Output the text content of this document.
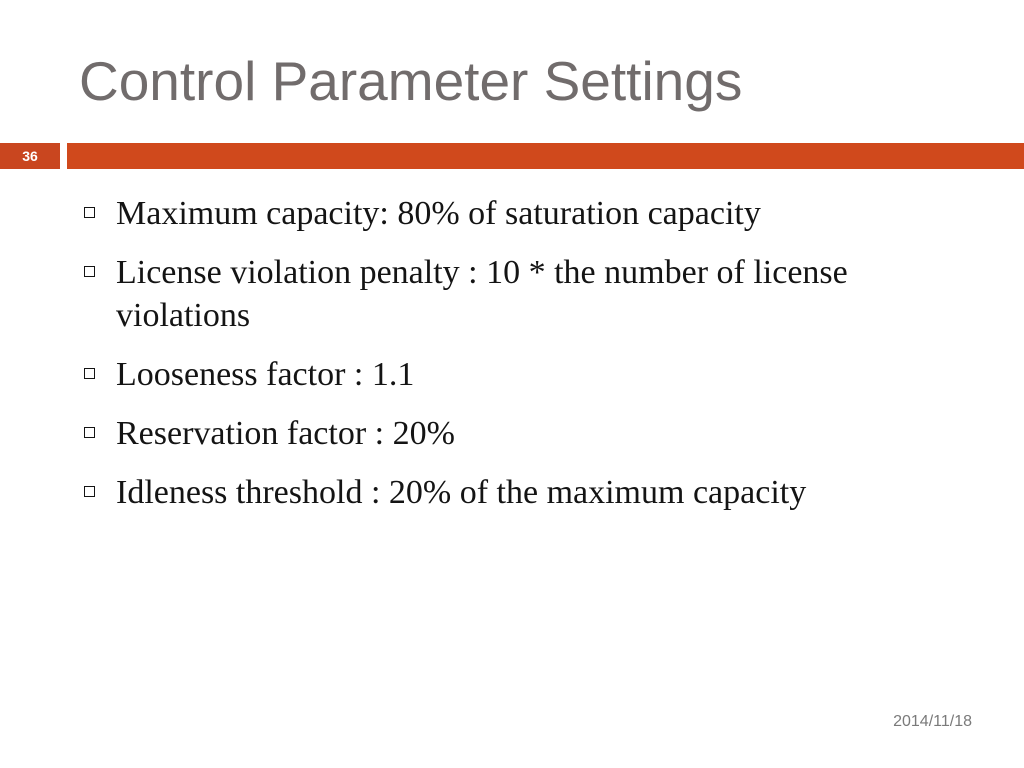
Control Parameter Settings
36
Maximum capacity: 80% of saturation capacity
License violation penalty : 10 * the number of license violations
Looseness factor : 1.1
Reservation factor : 20%
Idleness threshold : 20% of the maximum capacity
2014/11/18
